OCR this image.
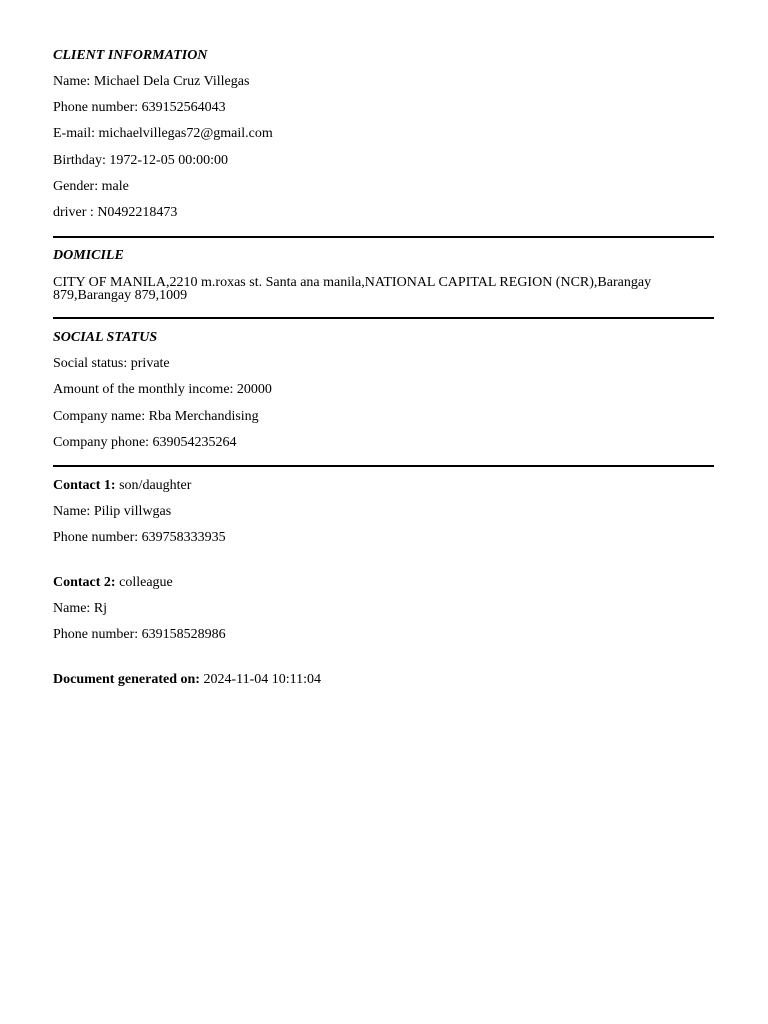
CLIENT INFORMATION
Name: Michael Dela Cruz Villegas
Phone number: 639152564043
E-mail: michaelvillegas72@gmail.com
Birthday: 1972-12-05 00:00:00
Gender: male
driver : N0492218473
DOMICILE
CITY OF MANILA,2210 m.roxas st. Santa ana manila,NATIONAL CAPITAL REGION (NCR),Barangay 879,Barangay 879,1009
SOCIAL STATUS
Social status: private
Amount of the monthly income: 20000
Company name: Rba Merchandising
Company phone: 639054235264
Contact 1: son/daughter
Name: Pilip villwgas
Phone number: 639758333935
Contact 2: colleague
Name: Rj
Phone number: 639158528986
Document generated on: 2024-11-04 10:11:04
